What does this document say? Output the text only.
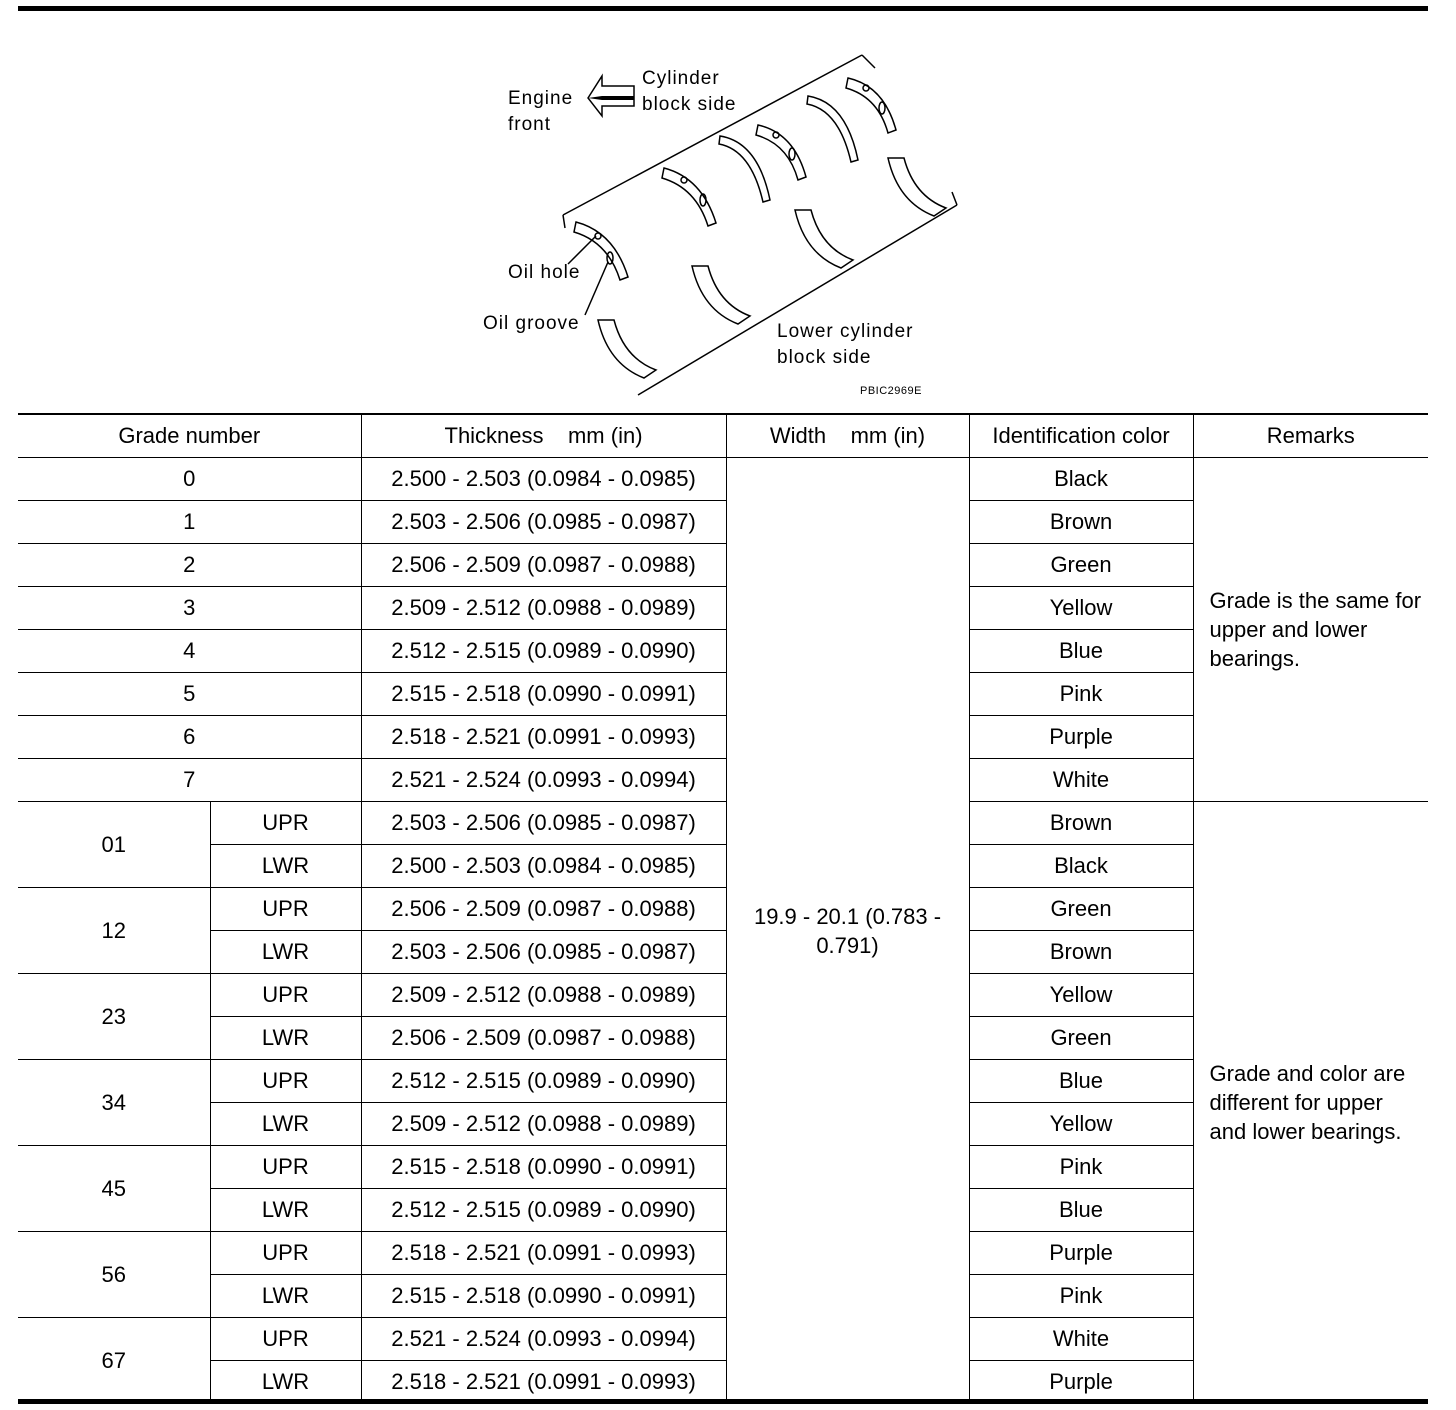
Engine
front
Cylinder
block side
Oil hole
Oil groove	Lower cylinder
block side
PBIC2969E
Grade number		Thickness    mm (in)	Width    mm (in)	Identification color	Remarks
0		2.500 - 2.503 (0.0984 - 0.0985)	19.9 - 20.1 (0.783 - 0.791)	Black	Grade is the same for upper and lower bearings.
1		2.503 - 2.506 (0.0985 - 0.0987)		Brown	
2		2.506 - 2.509 (0.0987 - 0.0988)		Green	
3		2.509 - 2.512 (0.0988 - 0.0989)		Yellow	
4		2.512 - 2.515 (0.0989 - 0.0990)		Blue	
5		2.515 - 2.518 (0.0990 - 0.0991)		Pink	
6		2.518 - 2.521 (0.0991 - 0.0993)		Purple	
7		2.521 - 2.524 (0.0993 - 0.0994)		White	
01	UPR	2.503 - 2.506 (0.0985 - 0.0987)		Brown	Grade and color are different for upper and lower bearings.
	LWR	2.500 - 2.503 (0.0984 - 0.0985)		Black	
12	UPR	2.506 - 2.509 (0.0987 - 0.0988)		Green	
	LWR	2.503 - 2.506 (0.0985 - 0.0987)		Brown	
23	UPR	2.509 - 2.512 (0.0988 - 0.0989)		Yellow	
	LWR	2.506 - 2.509 (0.0987 - 0.0988)		Green	
34	UPR	2.512 - 2.515 (0.0989 - 0.0990)		Blue	
	LWR	2.509 - 2.512 (0.0988 - 0.0989)		Yellow	
45	UPR	2.515 - 2.518 (0.0990 - 0.0991)		Pink	
	LWR	2.512 - 2.515 (0.0989 - 0.0990)		Blue	
56	UPR	2.518 - 2.521 (0.0991 - 0.0993)		Purple	
	LWR	2.515 - 2.518 (0.0990 - 0.0991)		Pink	
67	UPR	2.521 - 2.524 (0.0993 - 0.0994)		White	
	LWR	2.518 - 2.521 (0.0991 - 0.0993)		Purple	
